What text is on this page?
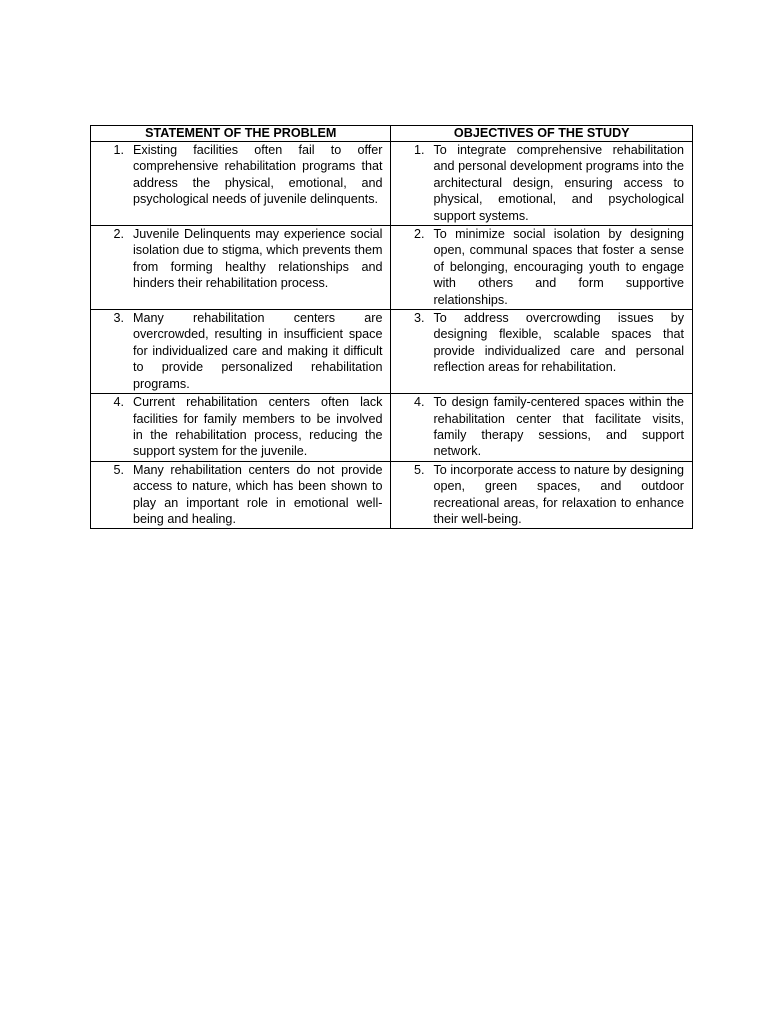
STATEMENT OF THE PROBLEM	OBJECTIVES OF THE STUDY

1. Existing facilities often fail to offer comprehensive rehabilitation programs that address the physical, emotional, and psychological needs of juvenile delinquents.	1. To integrate comprehensive rehabilitation and personal development programs into the architectural design, ensuring access to physical, emotional, and psychological support systems.

2. Juvenile Delinquents may experience social isolation due to stigma, which prevents them from forming healthy relationships and hinders their rehabilitation process.	2. To minimize social isolation by designing open, communal spaces that foster a sense of belonging, encouraging youth to engage with others and form supportive relationships.

3. Many rehabilitation centers are overcrowded, resulting in insufficient space for individualized care and making it difficult to provide personalized rehabilitation programs.	3. To address overcrowding issues by designing flexible, scalable spaces that provide individualized care and personal reflection areas for rehabilitation.

4. Current rehabilitation centers often lack facilities for family members to be involved in the rehabilitation process, reducing the support system for the juvenile.	4. To design family-centered spaces within the rehabilitation center that facilitate visits, family therapy sessions, and support network.

5. Many rehabilitation centers do not provide access to nature, which has been shown to play an important role in emotional well-being and healing.	5. To incorporate access to nature by designing open, green spaces, and outdoor recreational areas, for relaxation to enhance their well-being.
